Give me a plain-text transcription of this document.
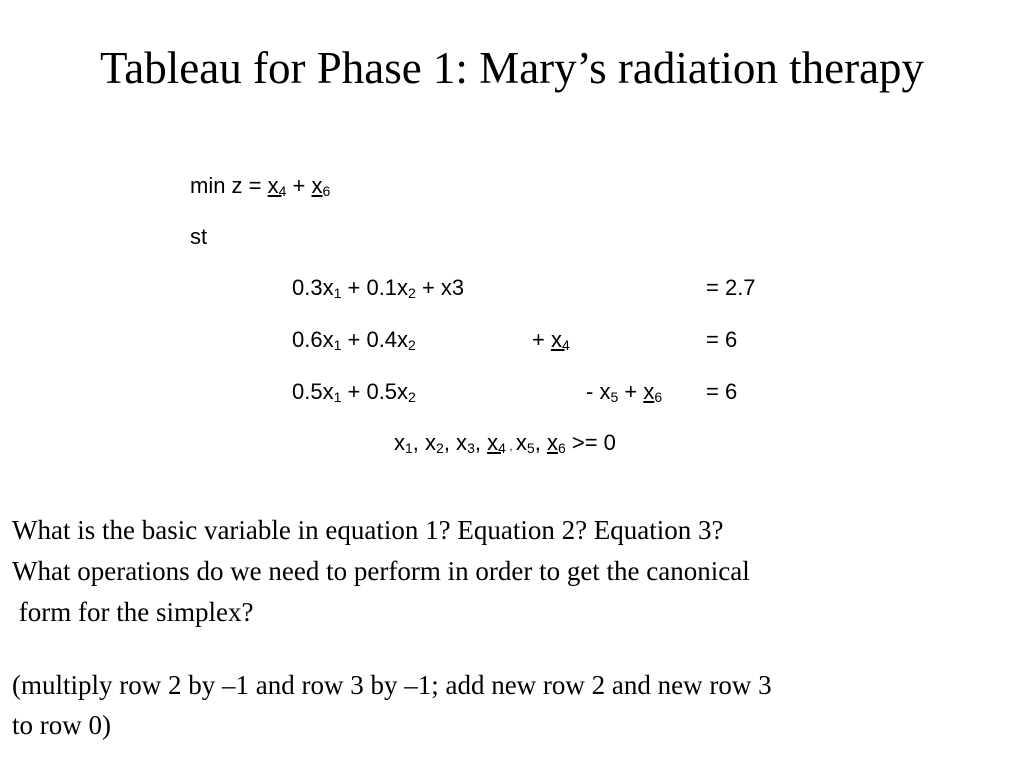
Tableau for Phase 1: Mary’s radiation therapy
$\min z = x_4 + x_6$
st
$0.3x_1 + 0.1x_2 + x3$	= 2.7
$0.6x_1 + 0.4x_2$	+ $x_4$	= 6
$0.5x_1 + 0.5x_2$	- $x_5 + x_6 = 6$
$x_1$, $x_2$, $x_3$, $x_4$ , $x_5$, $x_6 >= 0$
What is the basic variable in equation 1? Equation 2? Equation 3?
What operations do we need to perform in order to get the canonical
form for the simplex?
(multiply row 2 by –1 and row 3 by –1; add new row 2 and new row 3
to row 0)
